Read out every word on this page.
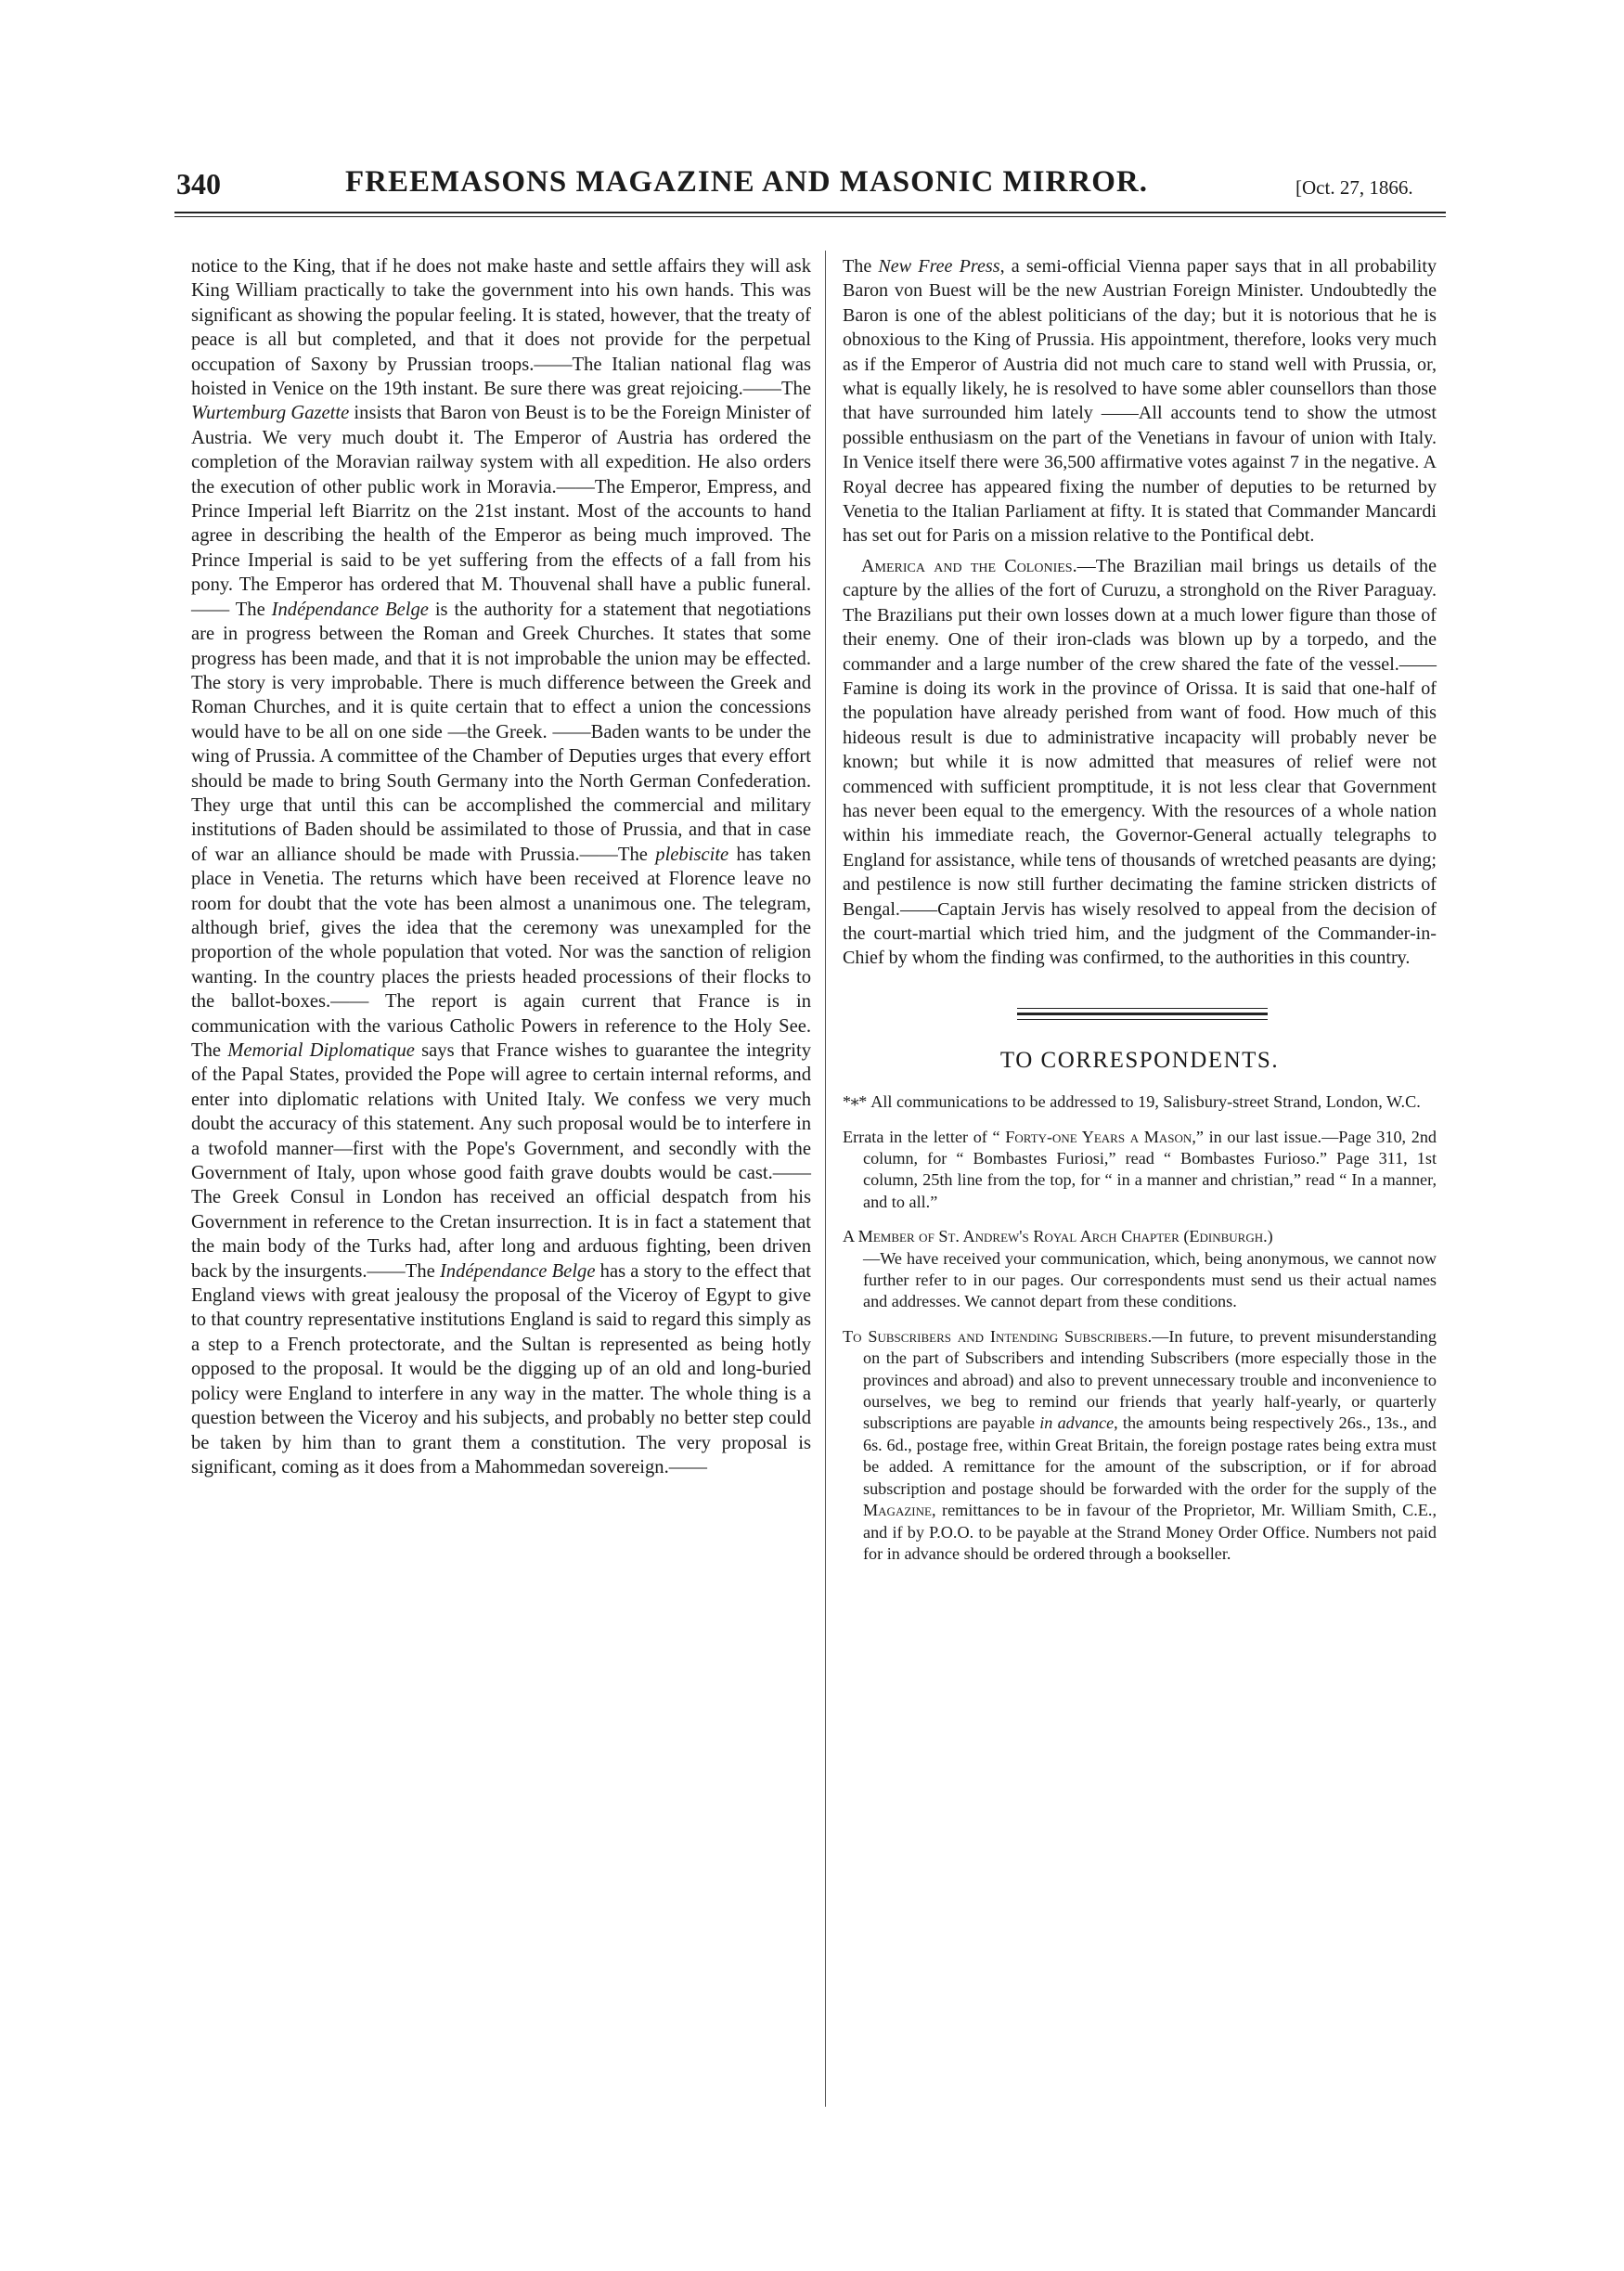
340	FREEMASONS MAGAZINE AND MASONIC MIRROR.	[Oct. 27, 1866.

notice to the King, that if he does not make haste and settle affairs they will ask King William practically to take the government into his own hands. This was significant as showing the popular feeling. It is stated, however, that the treaty of peace is all but completed, and that it does not provide for the perpetual occupation of Saxony by Prussian troops.——The Italian national flag was hoisted in Venice on the 19th instant. Be sure there was great rejoicing.——The Wurtemburg Gazette insists that Baron von Beust is to be the Foreign Minister of Austria. We very much doubt it. The Emperor of Austria has ordered the completion of the Moravian railway system with all expedition. He also orders the execution of other public work in Moravia.——The Emperor, Empress, and Prince Imperial left Biarritz on the 21st instant. Most of the accounts to hand agree in describing the health of the Emperor as being much improved. The Prince Imperial is said to be yet suffering from the effects of a fall from his pony. The Emperor has ordered that M. Thouvenal shall have a public funeral.—— The Indépendance Belge is the authority for a statement that negotiations are in progress between the Roman and Greek Churches. It states that some progress has been made, and that it is not improbable the union may be effected. The story is very improbable. There is much difference between the Greek and Roman Churches, and it is quite certain that to effect a union the concessions would have to be all on one side —the Greek. ——Baden wants to be under the wing of Prussia. A committee of the Chamber of Deputies urges that every effort should be made to bring South Germany into the North German Confederation. They urge that until this can be accomplished the commercial and military institutions of Baden should be assimilated to those of Prussia, and that in case of war an alliance should be made with Prussia.——The plebiscite has taken place in Venetia. The returns which have been received at Florence leave no room for doubt that the vote has been almost a unanimous one. The telegram, although brief, gives the idea that the ceremony was unexampled for the proportion of the whole population that voted. Nor was the sanction of religion wanting. In the country places the priests headed processions of their flocks to the ballot-boxes.—— The report is again current that France is in communication with the various Catholic Powers in reference to the Holy See. The Memorial Diplomatique says that France wishes to guarantee the integrity of the Papal States, provided the Pope will agree to certain internal reforms, and enter into diplomatic relations with United Italy. We confess we very much doubt the accuracy of this statement. Any such proposal would be to interfere in a twofold manner—first with the Pope's Government, and secondly with the Government of Italy, upon whose good faith grave doubts would be cast.——The Greek Consul in London has received an official despatch from his Government in reference to the Cretan insurrection. It is in fact a statement that the main body of the Turks had, after long and arduous fighting, been driven back by the insurgents.——The Indépendance Belge has a story to the effect that England views with great jealousy the proposal of the Viceroy of Egypt to give to that country representative institutions England is said to regard this simply as a step to a French protectorate, and the Sultan is represented as being hotly opposed to the proposal. It would be the digging up of an old and long-buried policy were England to interfere in any way in the matter. The whole thing is a question between the Viceroy and his subjects, and probably no better step could be taken by him than to grant them a constitution. The very proposal is significant, coming as it does from a Mahommedan sovereign.——

The New Free Press, a semi-official Vienna paper says that in all probability Baron von Buest will be the new Austrian Foreign Minister. Undoubtedly the Baron is one of the ablest politicians of the day; but it is notorious that he is obnoxious to the King of Prussia. His appointment, therefore, looks very much as if the Emperor of Austria did not much care to stand well with Prussia, or, what is equally likely, he is resolved to have some abler counsellors than those that have surrounded him lately ——All accounts tend to show the utmost possible enthusiasm on the part of the Venetians in favour of union with Italy. In Venice itself there were 36,500 affirmative votes against 7 in the negative. A Royal decree has appeared fixing the number of deputies to be returned by Venetia to the Italian Parliament at fifty. It is stated that Commander Mancardi has set out for Paris on a mission relative to the Pontifical debt.

America and the Colonies.—The Brazilian mail brings us details of the capture by the allies of the fort of Curuzu, a stronghold on the River Paraguay. The Brazilians put their own losses down at a much lower figure than those of their enemy. One of their iron-clads was blown up by a torpedo, and the commander and a large number of the crew shared the fate of the vessel.——Famine is doing its work in the province of Orissa. It is said that one-half of the population have already perished from want of food. How much of this hideous result is due to administrative incapacity will probably never be known; but while it is now admitted that measures of relief were not commenced with sufficient promptitude, it is not less clear that Government has never been equal to the emergency. With the resources of a whole nation within his immediate reach, the Governor-General actually telegraphs to England for assistance, while tens of thousands of wretched peasants are dying; and pestilence is now still further decimating the famine stricken districts of Bengal.——Captain Jervis has wisely resolved to appeal from the decision of the court-martial which tried him, and the judgment of the Commander-in-Chief by whom the finding was confirmed, to the authorities in this country.

TO CORRESPONDENTS.

*∗* All communications to be addressed to 19, Salisbury-street Strand, London, W.C.

Errata in the letter of “ Forty-one Years a Mason,” in our last issue.—Page 310, 2nd column, for “ Bombastes Furiosi,” read “ Bombastes Furioso.” Page 311, 1st column, 25th line from the top, for “ in a manner and christian,” read “ In a manner, and to all.”

A Member of St. Andrew's Royal Arch Chapter (Edinburgh.)
—We have received your communication, which, being anonymous, we cannot now further refer to in our pages. Our correspondents must send us their actual names and addresses. We cannot depart from these conditions.

To Subscribers and Intending Subscribers.—In future, to prevent misunderstanding on the part of Subscribers and intending Subscribers (more especially those in the provinces and abroad) and also to prevent unnecessary trouble and inconvenience to ourselves, we beg to remind our friends that yearly half-yearly, or quarterly subscriptions are payable in advance, the amounts being respectively 26s., 13s., and 6s. 6d., postage free, within Great Britain, the foreign postage rates being extra must be added. A remittance for the amount of the subscription, or if for abroad subscription and postage should be forwarded with the order for the supply of the Magazine, remittances to be in favour of the Proprietor, Mr. William Smith, C.E., and if by P.O.O. to be payable at the Strand Money Order Office. Numbers not paid for in advance should be ordered through a bookseller.
